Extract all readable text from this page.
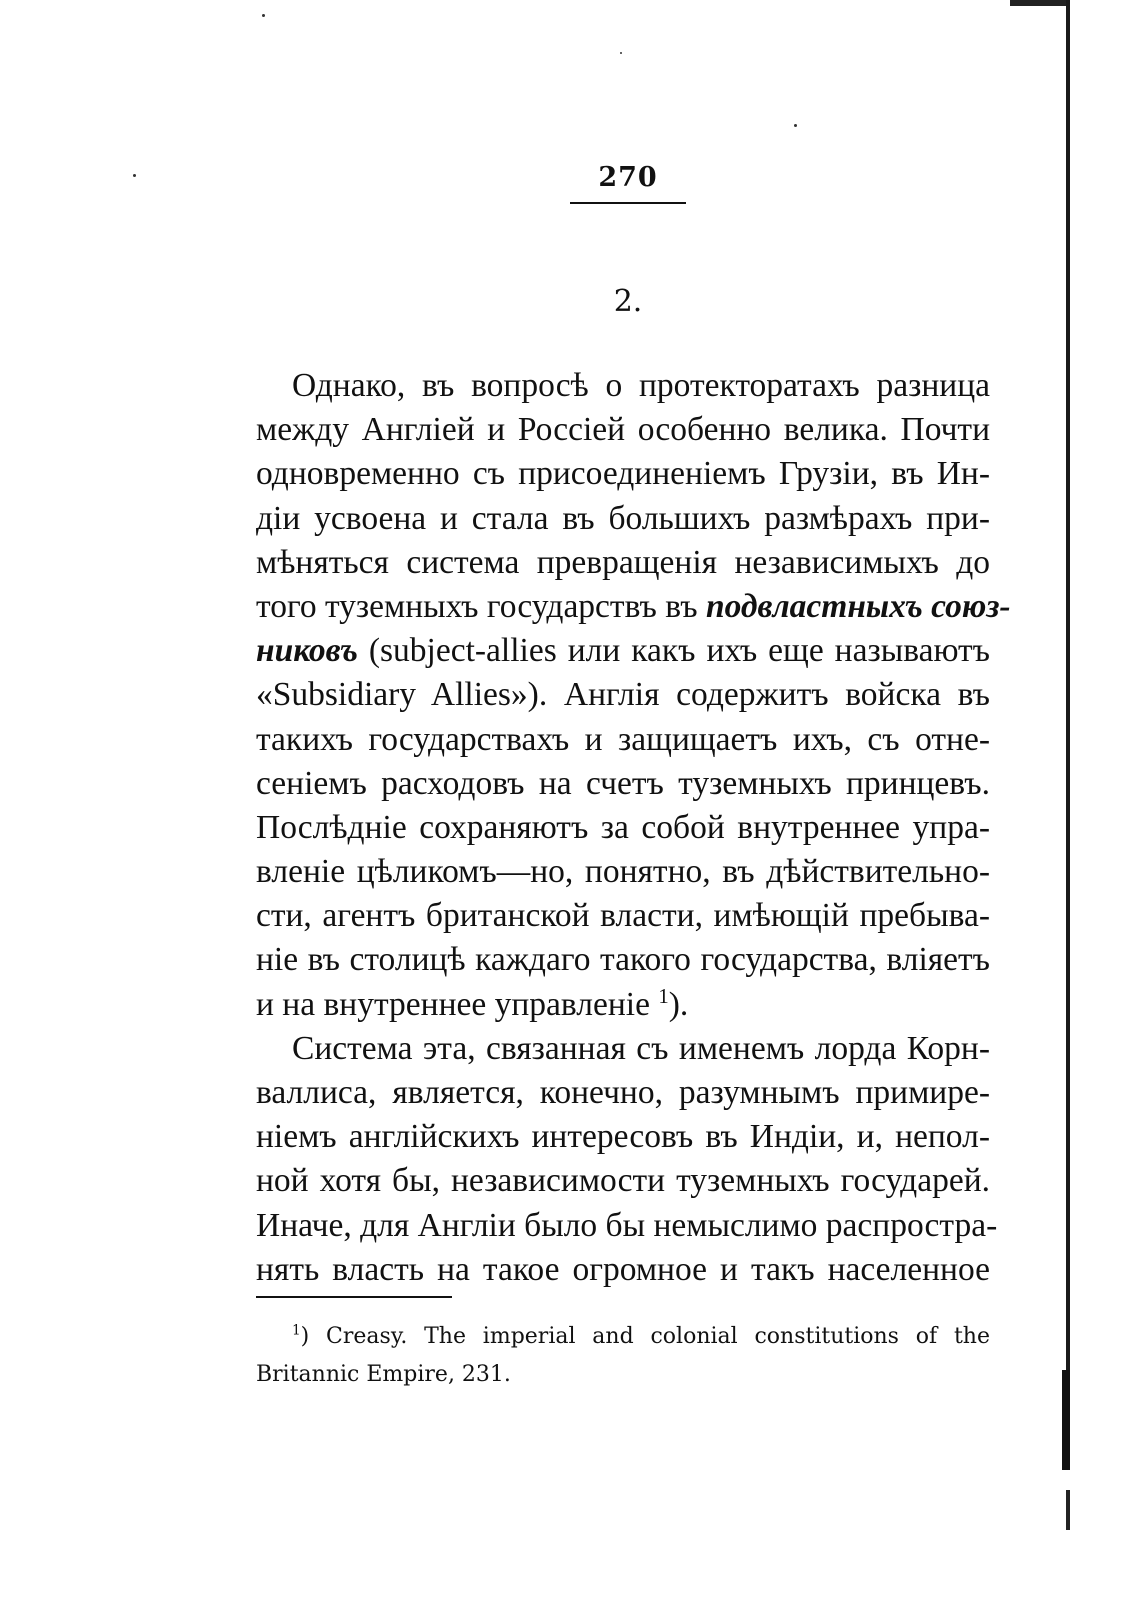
270
2.
Однако, въ вопросѣ о протекторатахъ разница
между Англіей и Россіей особенно велика. Почти
одновременно съ присоединеніемъ Грузіи, въ Ин-
діи усвоена и стала въ большихъ размѣрахъ при-
мѣняться система превращенія независимыхъ до
того туземныхъ государствъ въ подвластныхъ союз-
никовъ (subject-allies или какъ ихъ еще называютъ
«Subsidiary Allies»). Англія содержитъ войска въ
такихъ государствахъ и защищаетъ ихъ, съ отне-
сеніемъ расходовъ на счетъ туземныхъ принцевъ.
Послѣдніе сохраняютъ за собой внутреннее упра-
вленіе цѣликомъ—но, понятно, въ дѣйствительно-
сти, агентъ британской власти, имѣющій пребыва-
ніе въ столицѣ каждаго такого государства, вліяетъ
и на внутреннее управленіе $^1$).
Система эта, связанная съ именемъ лорда Корн-
валлиса, является, конечно, разумнымъ примире-
ніемъ англійскихъ интересовъ въ Индіи, и, непол-
ной хотя бы, независимости туземныхъ государей.
Иначе, для Англіи было бы немыслимо распростра-
нять власть на такое огромное и такъ населенное
$^1$) Creasy. The imperial and colonial constitutions of the
Britannic Empire, 231.
